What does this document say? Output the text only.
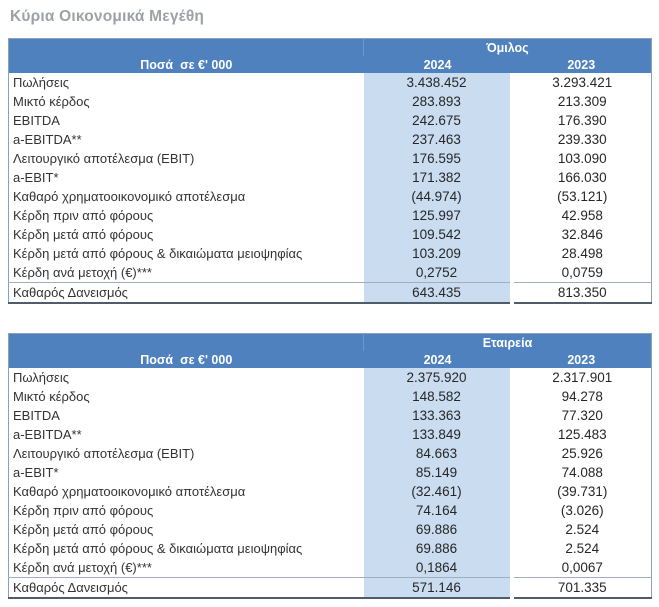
Κύρια Οικονομικά Μεγέθη
	Όμιλος	
Ποσά  σε €' 000	2024	2023
Πωλήσεις	3.438.452	3.293.421
Μικτό κέρδος	283.893	213.309
EBITDA	242.675	176.390
a-EBITDA**	237.463	239.330
Λειτουργικό αποτέλεσμα (EBIT)	176.595	103.090
a-EBIT*	171.382	166.030
Καθαρό χρηματοοικονομικό αποτέλεσμα	(44.974)	(53.121)
Κέρδη πριν από φόρους	125.997	42.958
Κέρδη μετά από φόρους	109.542	32.846
Κέρδη μετά από φόρους & δικαιώματα μειοψηφίας	103.209	28.498
Κέρδη ανά μετοχή (€)***	0,2752	0,0759
Καθαρός Δανεισμός	643.435	813.350
	Εταιρεία	
Ποσά  σε €' 000	2024	2023
Πωλήσεις	2.375.920	2.317.901
Μικτό κέρδος	148.582	94.278
EBITDA	133.363	77.320
a-EBITDA**	133.849	125.483
Λειτουργικό αποτέλεσμα (EBIT)	84.663	25.926
a-EBIT*	85.149	74.088
Καθαρό χρηματοοικονομικό αποτέλεσμα	(32.461)	(39.731)
Κέρδη πριν από φόρους	74.164	(3.026)
Κέρδη μετά από φόρους	69.886	2.524
Κέρδη μετά από φόρους & δικαιώματα μειοψηφίας	69.886	2.524
Κέρδη ανά μετοχή (€)***	0,1864	0,0067
Καθαρός Δανεισμός	571.146	701.335
